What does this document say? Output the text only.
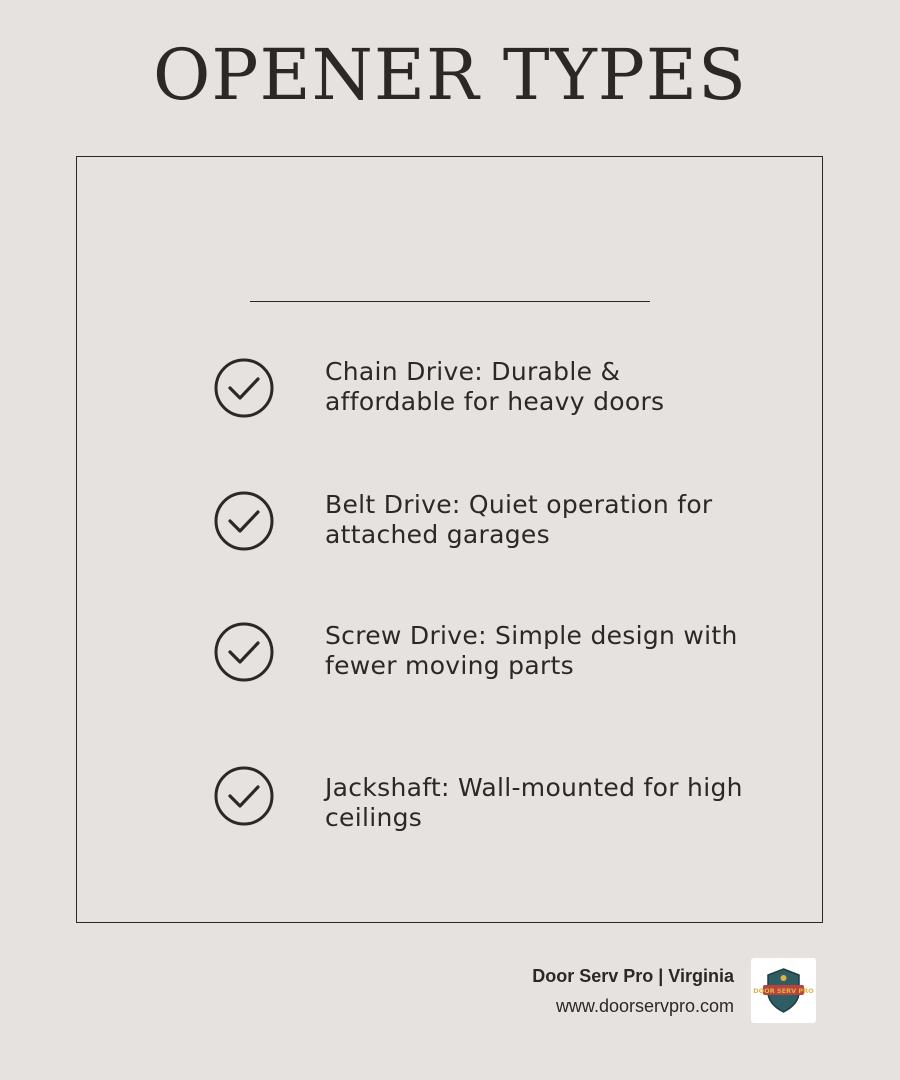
OPENER TYPES
Chain Drive: Durable & affordable for heavy doors
Belt Drive: Quiet operation for attached garages
Screw Drive: Simple design with fewer moving parts
Jackshaft: Wall-mounted for high ceilings
Door Serv Pro | Virginia
www.doorservpro.com
DOOR SERV PRO
